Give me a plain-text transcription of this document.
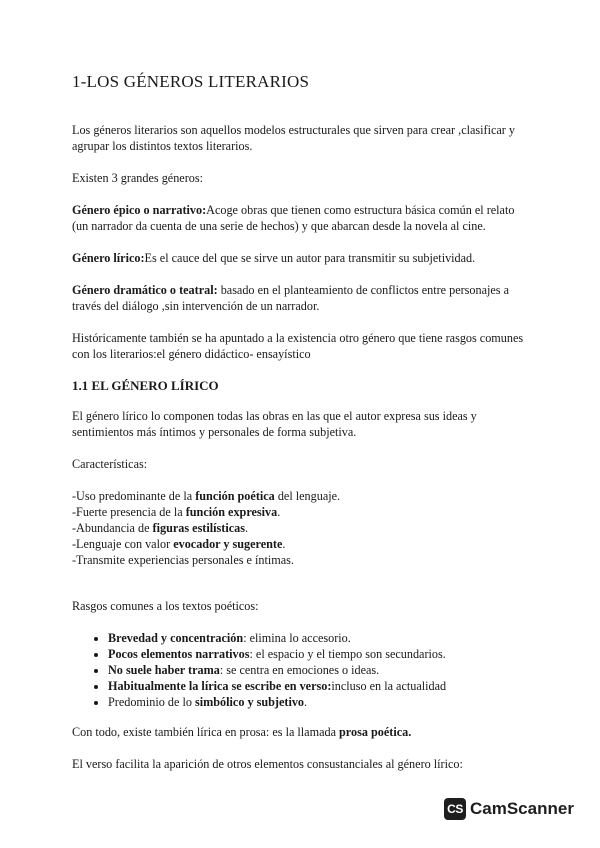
1-LOS GÉNEROS LITERARIOS

Los géneros literarios son aquellos modelos estructurales que sirven para crear ,clasificar y agrupar los distintos textos literarios.

Existen 3 grandes géneros:

Género épico o narrativo:Acoge obras que tienen como estructura básica común el relato (un narrador da cuenta de una serie de hechos) y que abarcan desde la novela al cine.

Género lírico:Es el cauce del que se sirve un autor para transmitir su subjetividad.

Género dramático o teatral: basado en el planteamiento de conflictos entre personajes a través del diálogo ,sin intervención de un narrador.

Históricamente también se ha apuntado a la existencia otro género que tiene rasgos comunes con los literarios:el género didáctico- ensayístico

1.1 EL GÉNERO LÍRICO

El género lírico lo componen todas las obras en las que el autor expresa sus ideas y sentimientos más íntimos y personales de forma subjetiva.

Características:

-Uso predominante de la función poética del lenguaje.

-Fuerte presencia de la función expresiva.

-Abundancia de figuras estilísticas.

-Lenguaje con valor evocador y sugerente.

-Transmite experiencias personales e íntimas.

Rasgos comunes a los textos poéticos:

• Brevedad y concentración: elimina lo accesorio.
• Pocos elementos narrativos: el espacio y el tiempo son secundarios.
• No suele haber trama: se centra en emociones o ideas.
• Habitualmente la lírica se escribe en verso:incluso en la actualidad
• Predominio de lo simbólico y subjetivo.

Con todo, existe también lírica en prosa: es la llamada prosa poética.

El verso facilita la aparición de otros elementos consustanciales al género lírico:

CS CamScanner
